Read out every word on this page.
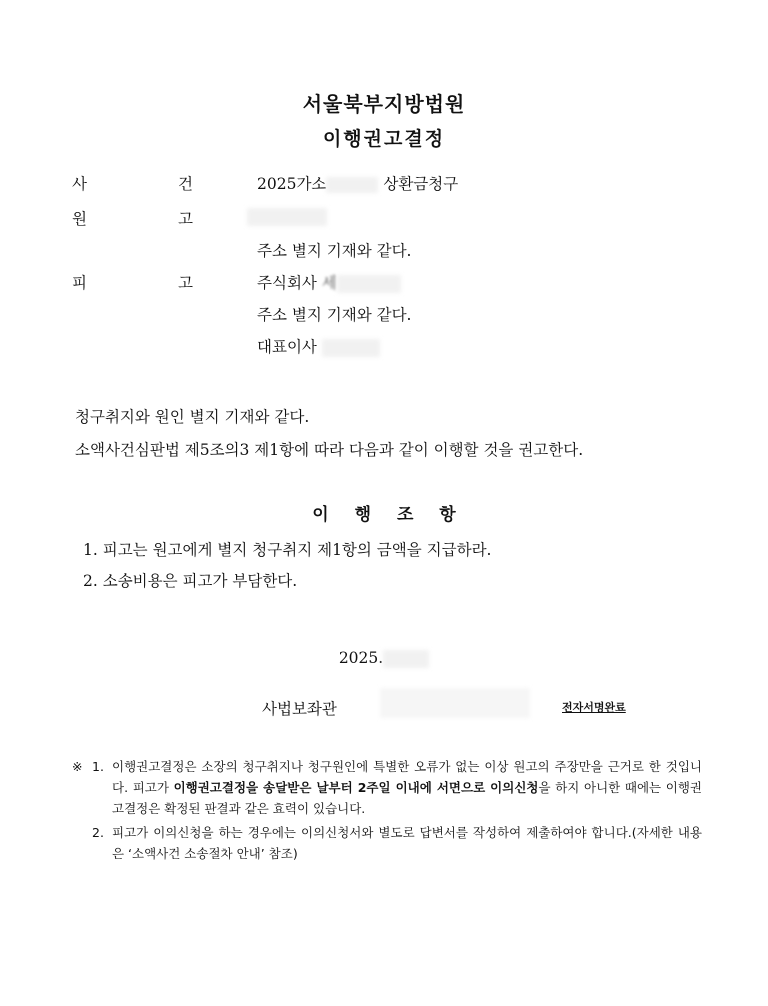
서울북부지방법원
이행권고결정
사	건	2025가소	상환금청구
원	고
주소 별지 기재와 같다.
피	고	주식회사 세
주소 별지 기재와 같다.
대표이사
청구취지와 원인 별지 기재와 같다.
소액사건심판법 제5조의3 제1항에 따라 다음과 같이 이행할 것을 권고한다.
이 행 조 항
1. 피고는 원고에게 별지 청구취지 제1항의 금액을 지급하라.
2. 소송비용은 피고가 부담한다.
2025.
사법보좌관	전자서명완료
※ 1. 이행권고결정은 소장의 청구취지나 청구원인에 특별한 오류가 없는 이상 원고의 주장만을 근거로 한 것입니다. 피고가 이행권고결정을 송달받은 날부터 2주일 이내에 서면으로 이의신청을 하지 아니한 때에는 이행권고결정은 확정된 판결과 같은 효력이 있습니다.
2. 피고가 이의신청을 하는 경우에는 이의신청서와 별도로 답변서를 작성하여 제출하여야 합니다.(자세한 내용은 ‘소액사건 소송절차 안내’ 참조)
